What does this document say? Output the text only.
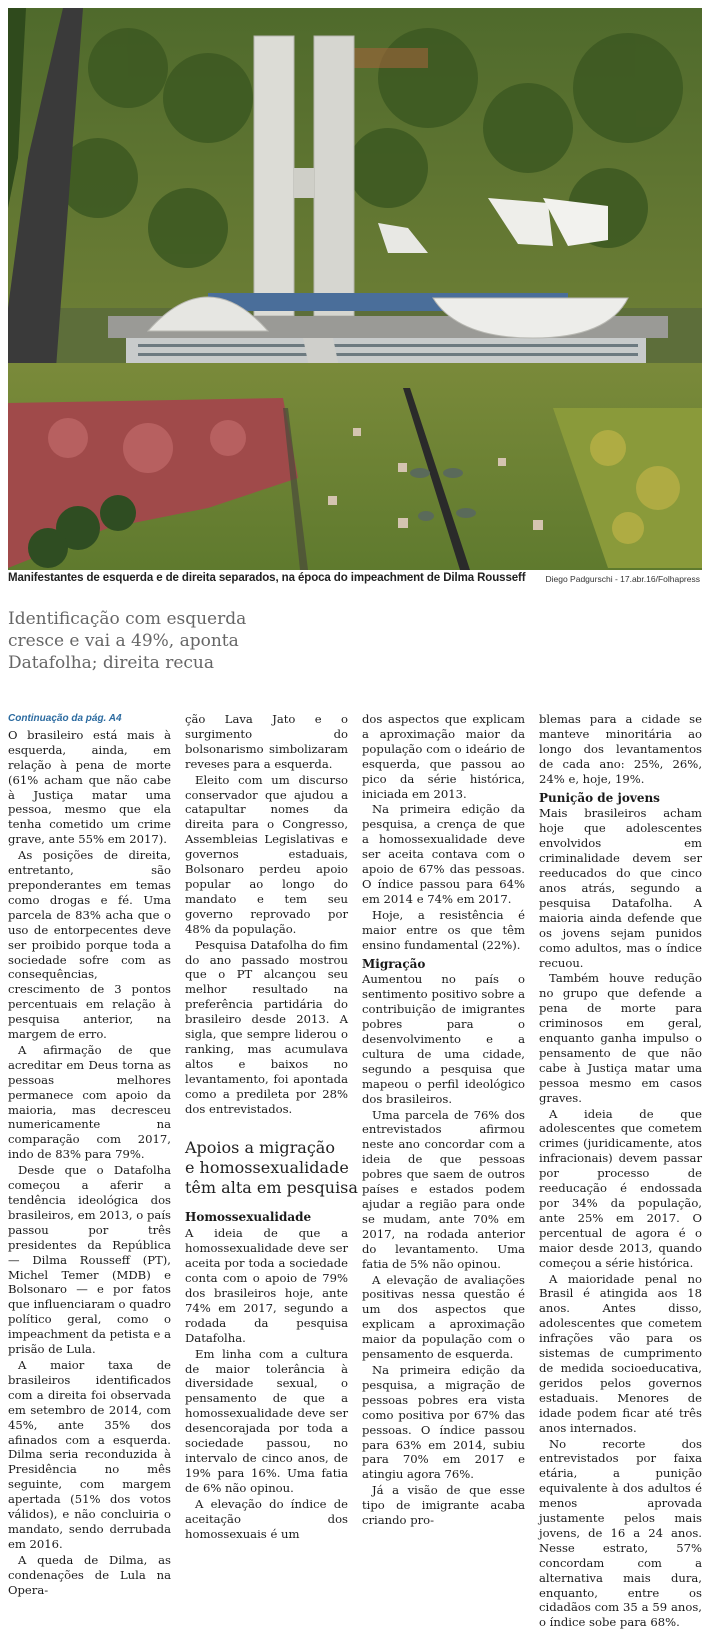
Manifestantes de esquerda e de direita separados, na época do impeachment de Dilma Rousseff Diego Padgurschi - 17.abr.16/Folhapress
Identificação com esquerda
cresce e vai a 49%, aponta
Datafolha; direita recua
Continuação da pág. A4

O brasileiro está mais à esquerda, ainda, em relação à pena de morte (61% acham que não cabe à Justiça matar uma pessoa, mesmo que ela tenha cometido um crime grave, ante 55% em 2017).

As posições de direita, entretanto, são preponderantes em temas como drogas e fé. Uma parcela de 83% acha que o uso de entorpecentes deve ser proibido porque toda a sociedade sofre com as consequências, crescimento de 3 pontos percentuais em relação à pesquisa anterior, na margem de erro.

A afirmação de que acreditar em Deus torna as pessoas melhores permanece com apoio da maioria, mas decresceu numericamente na comparação com 2017, indo de 83% para 79%.

Desde que o Datafolha começou a aferir a tendência ideológica dos brasileiros, em 2013, o país passou por três presidentes da República — Dilma Rousseff (PT), Michel Temer (MDB) e Bolsonaro — e por fatos que influenciaram o quadro político geral, como o impeachment da petista e a prisão de Lula.

A maior taxa de brasileiros identificados com a direita foi observada em setembro de 2014, com 45%, ante 35% dos afinados com a esquerda. Dilma seria reconduzida à Presidência no mês seguinte, com margem apertada (51% dos votos válidos), e não concluiria o mandato, sendo derrubada em 2016.

A queda de Dilma, as condenações de Lula na Opera-

ção Lava Jato e o surgimento do bolsonarismo simbolizaram reveses para a esquerda.

Eleito com um discurso conservador que ajudou a catapultar nomes da direita para o Congresso, Assembleias Legislativas e governos estaduais, Bolsonaro perdeu apoio popular ao longo do mandato e tem seu governo reprovado por 48% da população.

Pesquisa Datafolha do fim do ano passado mostrou que o PT alcançou seu melhor resultado na preferência partidária do brasileiro desde 2013. A sigla, que sempre liderou o ranking, mas acumulava altos e baixos no levantamento, foi apontada como a predileta por 28% dos entrevistados.

Apoios a migração
e homossexualidade
têm alta em pesquisa
Homossexualidade

A ideia de que a homossexualidade deve ser aceita por toda a sociedade conta com o apoio de 79% dos brasileiros hoje, ante 74% em 2017, segundo a rodada da pesquisa Datafolha.

Em linha com a cultura de maior tolerância à diversidade sexual, o pensamento de que a homossexualidade deve ser desencorajada por toda a sociedade passou, no intervalo de cinco anos, de 19% para 16%. Uma fatia de 6% não opinou.

A elevação do índice de aceitação dos homossexuais é um

dos aspectos que explicam a aproximação maior da população com o ideário de esquerda, que passou ao pico da série histórica, iniciada em 2013.

Na primeira edição da pesquisa, a crença de que a homossexualidade deve ser aceita contava com o apoio de 67% das pessoas. O índice passou para 64% em 2014 e 74% em 2017.

Hoje, a resistência é maior entre os que têm ensino fundamental (22%).

Migração

Aumentou no país o sentimento positivo sobre a contribuição de imigrantes pobres para o desenvolvimento e a cultura de uma cidade, segundo a pesquisa que mapeou o perfil ideológico dos brasileiros.

Uma parcela de 76% dos entrevistados afirmou neste ano concordar com a ideia de que pessoas pobres que saem de outros países e estados podem ajudar a região para onde se mudam, ante 70% em 2017, na rodada anterior do levantamento. Uma fatia de 5% não opinou.

A elevação de avaliações positivas nessa questão é um dos aspectos que explicam a aproximação maior da população com o pensamento de esquerda.

Na primeira edição da pesquisa, a migração de pessoas pobres era vista como positiva por 67% das pessoas. O índice passou para 63% em 2014, subiu para 70% em 2017 e atingiu agora 76%.

Já a visão de que esse tipo de imigrante acaba criando pro-

blemas para a cidade se manteve minoritária ao longo dos levantamentos de cada ano: 25%, 26%, 24% e, hoje, 19%.

Punição de jovens

Mais brasileiros acham hoje que adolescentes envolvidos em criminalidade devem ser reeducados do que cinco anos atrás, segundo a pesquisa Datafolha. A maioria ainda defende que os jovens sejam punidos como adultos, mas o índice recuou.

Também houve redução no grupo que defende a pena de morte para criminosos em geral, enquanto ganha impulso o pensamento de que não cabe à Justiça matar uma pessoa mesmo em casos graves.

A ideia de que adolescentes que cometem crimes (juridicamente, atos infracionais) devem passar por processo de reeducação é endossada por 34% da população, ante 25% em 2017. O percentual de agora é o maior desde 2013, quando começou a série histórica.

A maioridade penal no Brasil é atingida aos 18 anos. Antes disso, adolescentes que cometem infrações vão para os sistemas de cumprimento de medida socioeducativa, geridos pelos governos estaduais. Menores de idade podem ficar até três anos internados.

No recorte dos entrevistados por faixa etária, a punição equivalente à dos adultos é menos aprovada justamente pelos mais jovens, de 16 a 24 anos. Nesse estrato, 57% concordam com a alternativa mais dura, enquanto, entre os cidadãos com 35 a 59 anos, o índice sobe para 68%.
